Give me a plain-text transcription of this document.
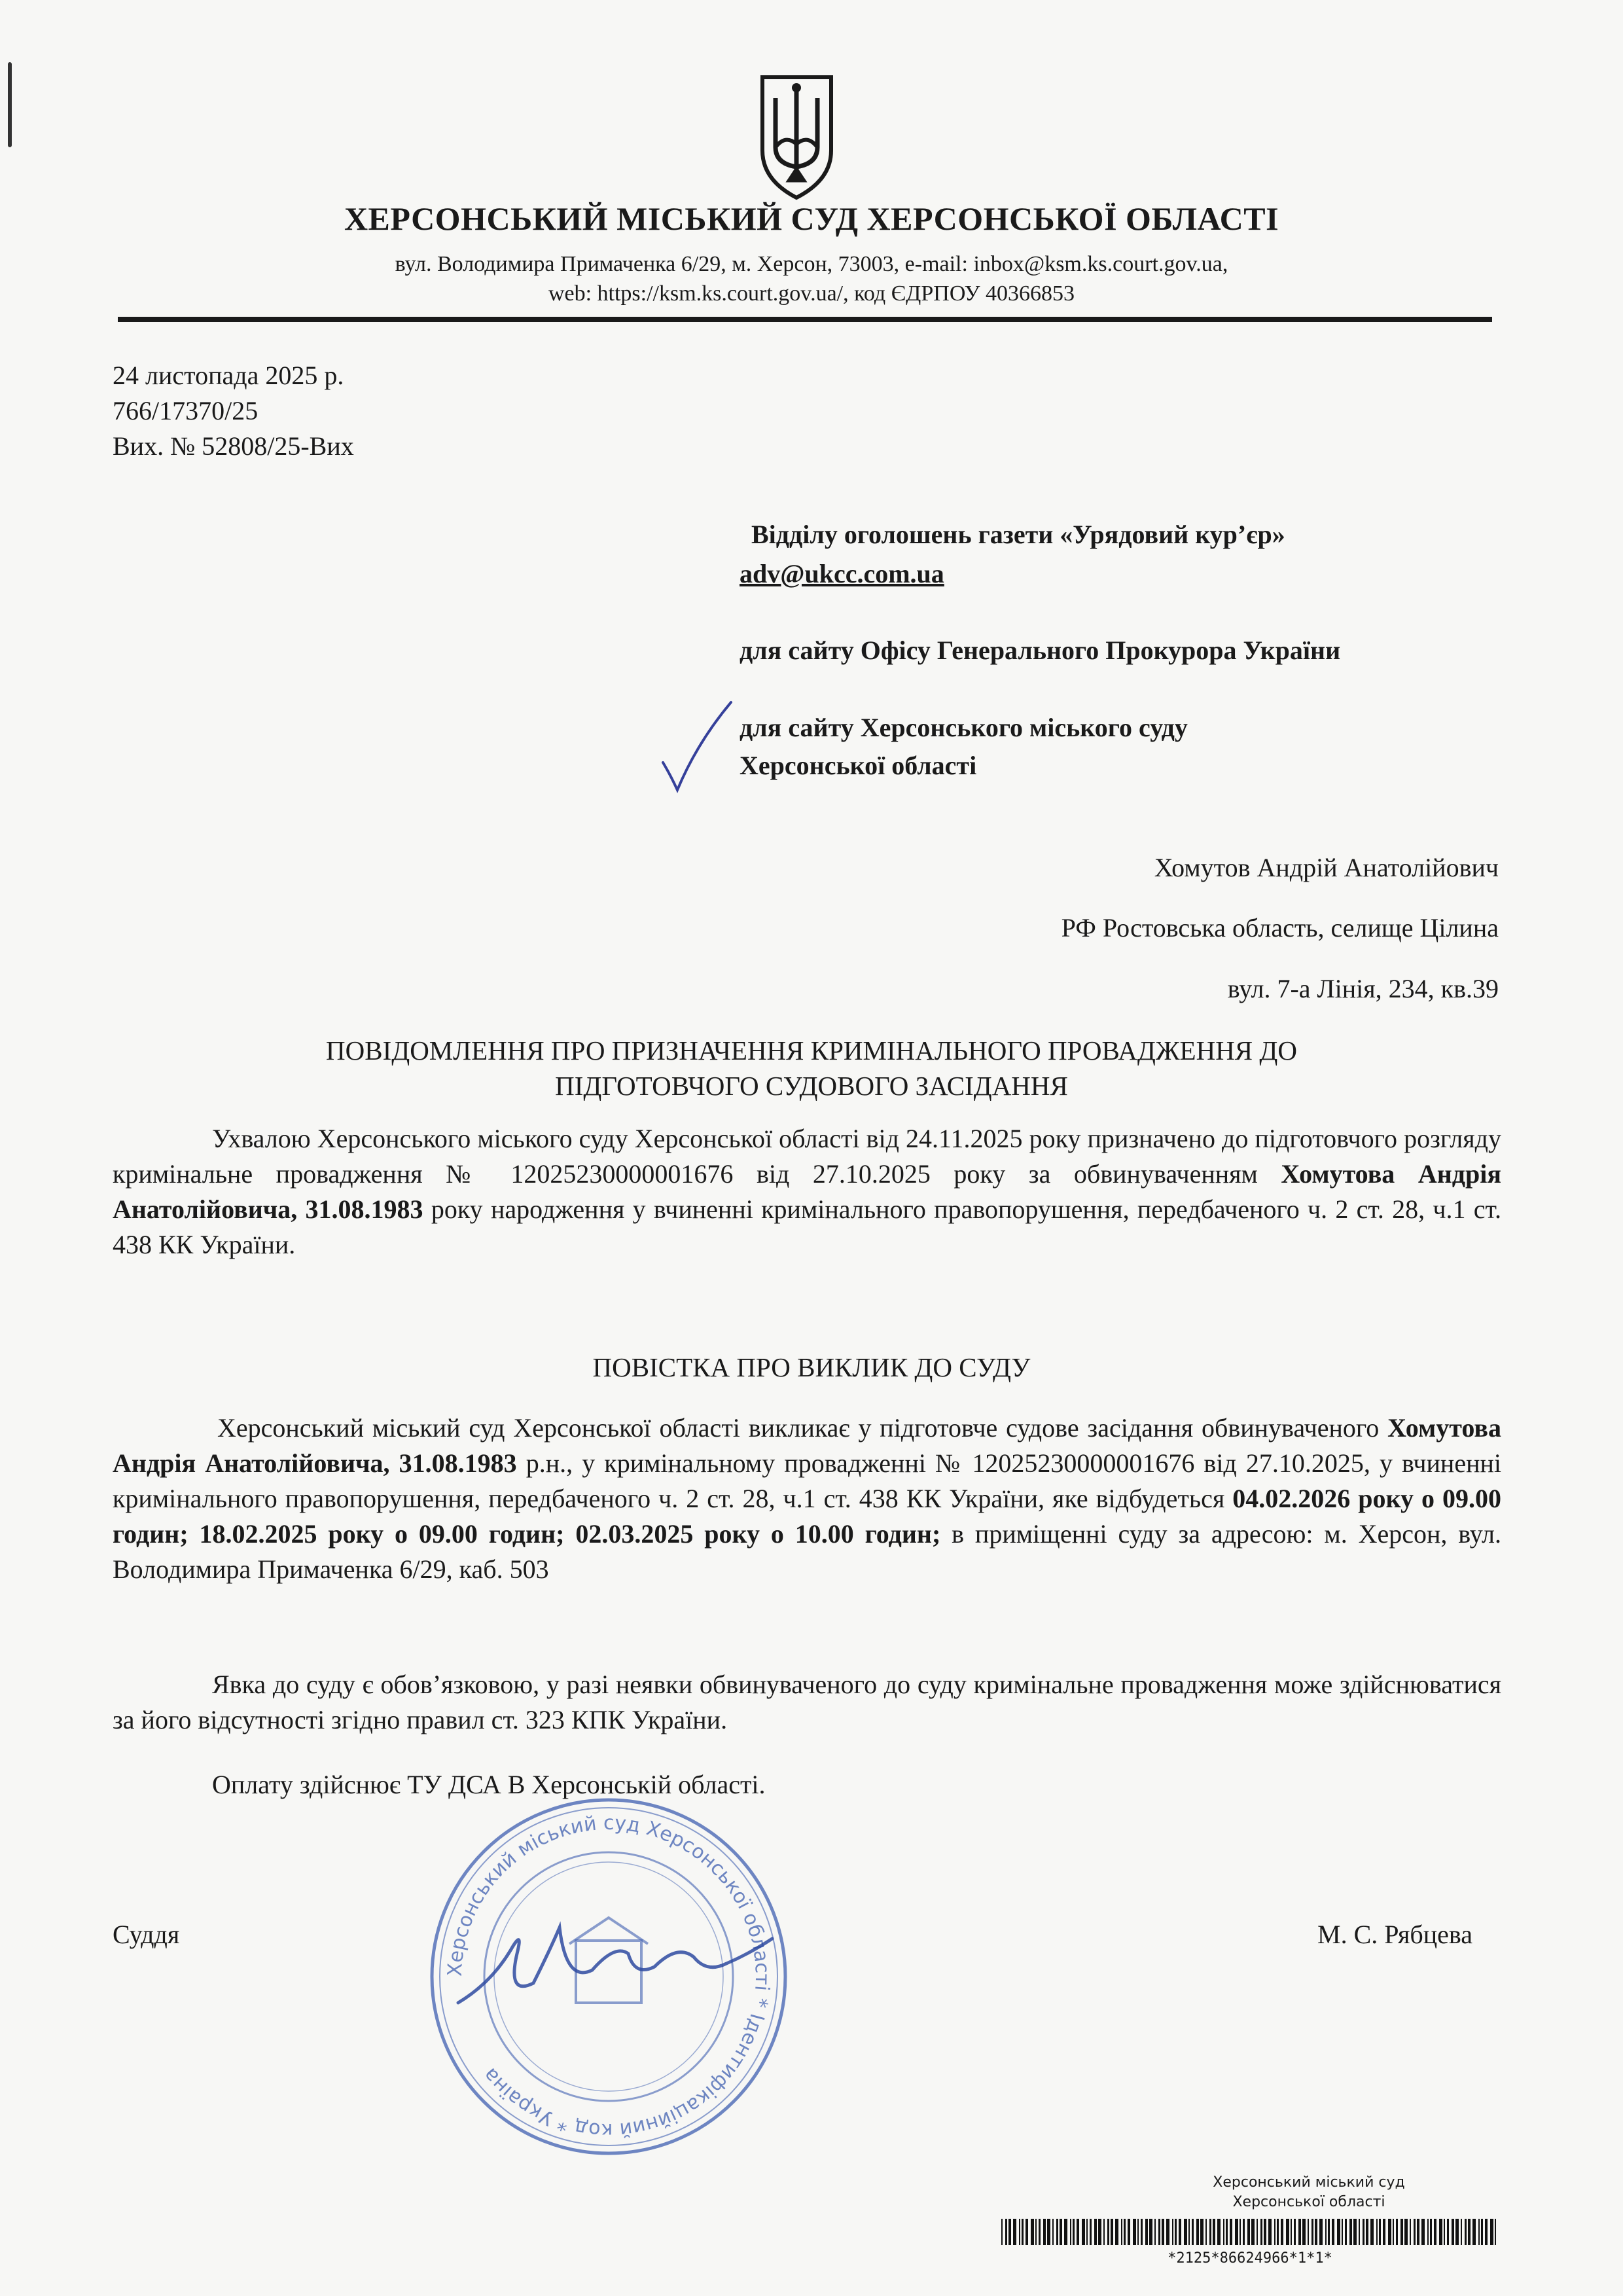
ХЕРСОНСЬКИЙ МІСЬКИЙ СУД ХЕРСОНСЬКОЇ ОБЛАСТІ
вул. Володимира Примаченка 6/29, м. Херсон, 73003, e-mail: inbox@ksm.ks.court.gov.ua,
web: https://ksm.ks.court.gov.ua/, код ЄДРПОУ 40366853
24 листопада 2025 р.
766/17370/25
Вих. № 52808/25-Вих
Відділу оголошень газети «Урядовий кур’єр»
adv@ukcc.com.ua
для сайту Офісу Генерального Прокурора України
для сайту Херсонського міського суду
Херсонської області
Хомутов Андрій Анатолійович
РФ Ростовська область, селище Цілина
вул. 7-а Лінія, 234, кв.39
ПОВІДОМЛЕННЯ ПРО ПРИЗНАЧЕННЯ КРИМІНАЛЬНОГО ПРОВАДЖЕННЯ ДО
ПІДГОТОВЧОГО СУДОВОГО ЗАСІДАННЯ
Ухвалою Херсонського міського суду Херсонської області від 24.11.2025 року призначено до підготовчого розгляду кримінальне провадження № 12025230000001676 від 27.10.2025 року за обвинуваченням Хомутова Андрія Анатолійовича, 31.08.1983 року народження у вчиненні кримінального правопорушення, передбаченого ч. 2 ст. 28, ч.1 ст. 438 КК України.
ПОВІСТКА ПРО ВИКЛИК ДО СУДУ
Херсонський міський суд Херсонської області викликає у підготовче судове засідання обвинуваченого Хомутова Андрія Анатолійовича, 31.08.1983 р.н., у кримінальному провадженні № 12025230000001676 від 27.10.2025, у вчиненні кримінального правопорушення, передбаченого ч. 2 ст. 28, ч.1 ст. 438 КК України, яке відбудеться 04.02.2026 року о 09.00 годин; 18.02.2025 року о 09.00 годин; 02.03.2025 року о 10.00 годин; в приміщенні суду за адресою: м. Херсон, вул. Володимира Примаченка 6/29, каб. 503
Явка до суду є обов’язковою, у разі неявки обвинуваченого до суду кримінальне провадження може здійснюватися за його відсутності згідно правил ст. 323 КПК України.
Оплату здійснює ТУ ДСА В Херсонській області.
Суддя	М. С. Рябцева
Херсонський міський суд Херсонської області * Ідентифікаційний код * Україна
Херсонський міський суд
Херсонської області
*2125*86624966*1*1*
